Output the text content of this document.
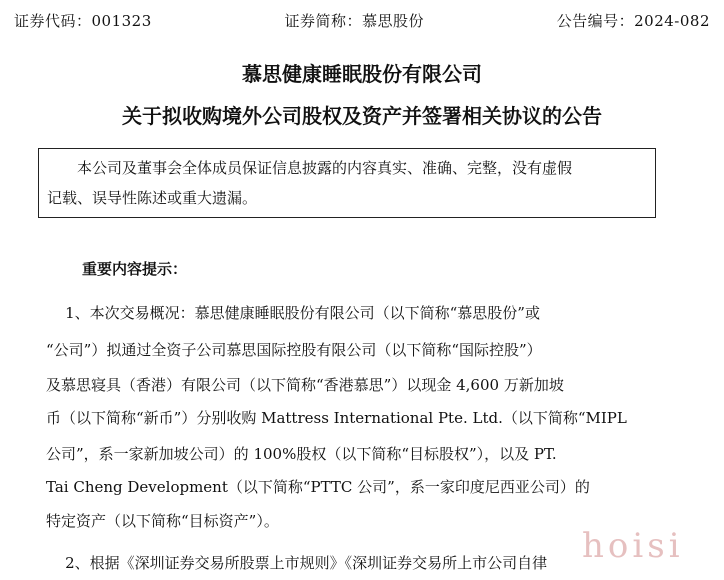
证券代码：001323	证券简称：慕思股份	公告编号：2024-082
慕思健康睡眠股份有限公司
关于拟收购境外公司股权及资产并签署相关协议的公告

本公司及董事会全体成员保证信息披露的内容真实、准确、完整，没有虚假

记载、误导性陈述或重大遗漏。

重要内容提示：
1、本次交易概况：慕思健康睡眠股份有限公司（以下简称“慕思股份”或
“公司”）拟通过全资子公司慕思国际控股有限公司（以下简称“国际控股”）
及慕思寝具（香港）有限公司（以下简称“香港慕思”）以现金 4,600 万新加坡
币（以下简称“新币”）分别收购 Mattress International Pte. Ltd.（以下简称“MIPL
公司”，系一家新加坡公司）的 100%股权（以下简称“目标股权”），以及 PT.
Tai Cheng Development（以下简称“PTTC 公司”，系一家印度尼西亚公司）的
特定资产（以下简称“目标资产”）。
2、根据《深圳证券交易所股票上市规则》《深圳证券交易所上市公司自律 hoisi
